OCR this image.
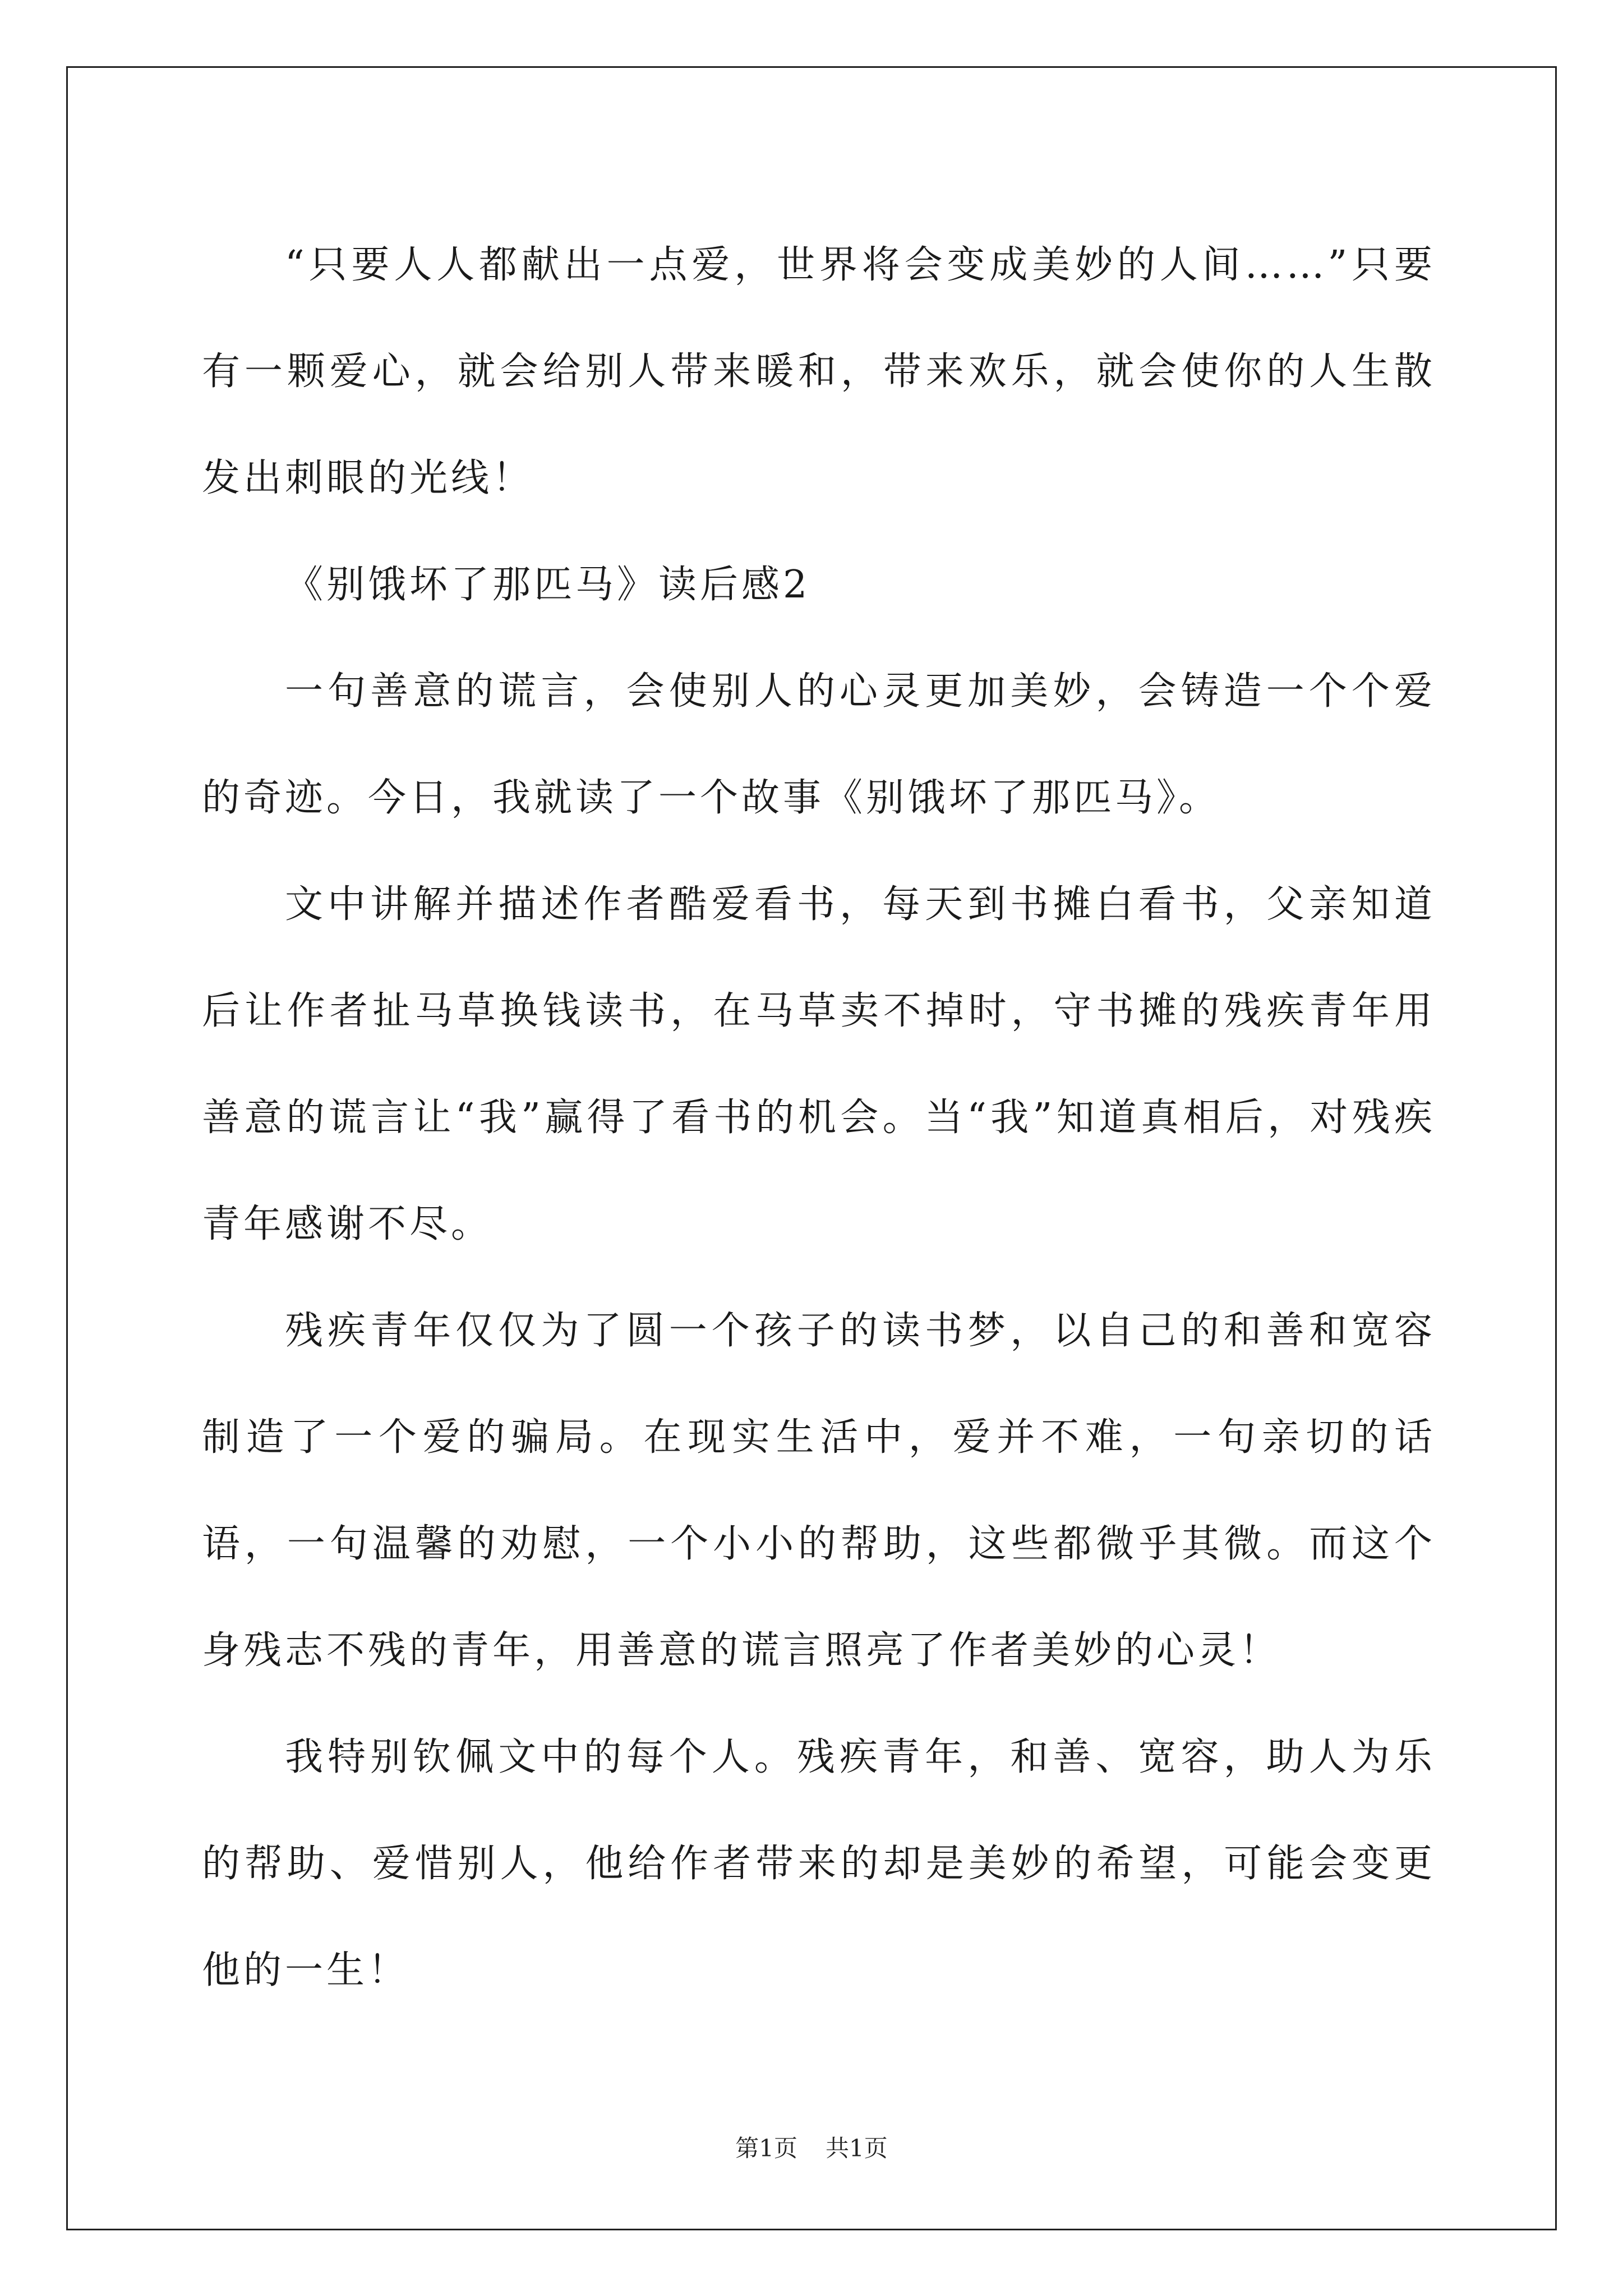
“只要人人都献出一点爱，世界将会变成美妙的人间……”只要有一颗爱心，就会给别人带来暖和，带来欢乐，就会使你的人生散发出刺眼的光线！

《别饿坏了那匹马》读后感2

一句善意的谎言，会使别人的心灵更加美妙，会铸造一个个爱的奇迹。今日，我就读了一个故事《别饿坏了那匹马》。

文中讲解并描述作者酷爱看书，每天到书摊白看书，父亲知道后让作者扯马草换钱读书，在马草卖不掉时，守书摊的残疾青年用善意的谎言让“我”赢得了看书的机会。当“我”知道真相后，对残疾青年感谢不尽。

残疾青年仅仅为了圆一个孩子的读书梦，以自己的和善和宽容制造了一个爱的骗局。在现实生活中，爱并不难，一句亲切的话语，一句温馨的劝慰，一个小小的帮助，这些都微乎其微。而这个身残志不残的青年，用善意的谎言照亮了作者美妙的心灵！

我特别钦佩文中的每个人。残疾青年，和善、宽容，助人为乐的帮助、爱惜别人，他给作者带来的却是美妙的希望，可能会变更他的一生！

第1页 共1页
